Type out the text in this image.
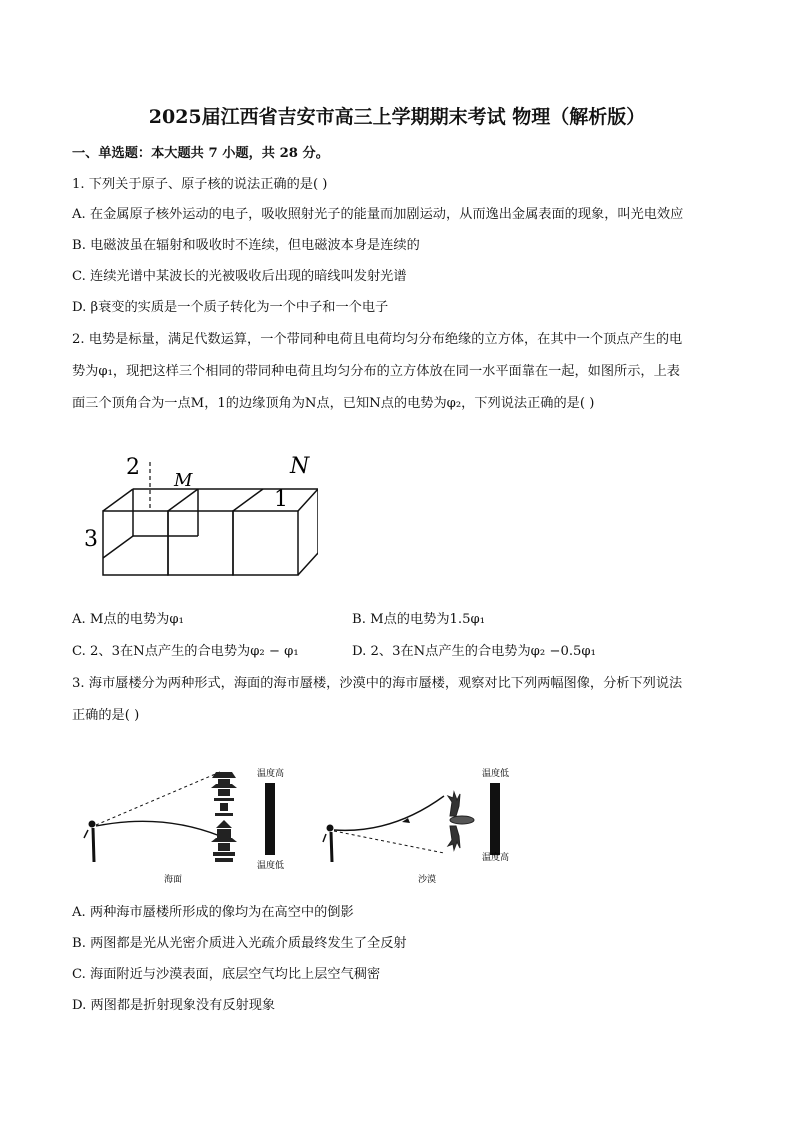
2025届江西省吉安市高三上学期期末考试 物理（解析版）
一、单选题：本大题共 7 小题，共 28 分。
1. 下列关于原子、原子核的说法正确的是( )
A. 在金属原子核外运动的电子，吸收照射光子的能量而加剧运动，从而逸出金属表面的现象，叫光电效应
B. 电磁波虽在辐射和吸收时不连续，但电磁波本身是连续的
C. 连续光谱中某波长的光被吸收后出现的暗线叫发射光谱
D. β衰变的实质是一个质子转化为一个中子和一个电子
2. 电势是标量，满足代数运算，一个带同种电荷且电荷均匀分布绝缘的立方体，在其中一个顶点产生的电
势为φ₁，现把这样三个相同的带同种电荷且均匀分布的立方体放在同一水平面靠在一起，如图所示，上表
面三个顶角合为一点M，1的边缘顶角为N点，已知N点的电势为φ₂，下列说法正确的是( )
2
M
N
1
3
A. M点的电势为φ₁	B. M点的电势为1.5φ₁
C. 2、3在N点产生的合电势为φ₂ − φ₁	D. 2、3在N点产生的合电势为φ₂ −0.5φ₁
3. 海市蜃楼分为两种形式，海面的海市蜃楼，沙漠中的海市蜃楼，观察对比下列两幅图像，分析下列说法
正确的是( )
温度高
温度低
海面
温度低
温度高
沙漠
A. 两种海市蜃楼所形成的像均为在高空中的倒影
B. 两图都是光从光密介质进入光疏介质最终发生了全反射
C. 海面附近与沙漠表面，底层空气均比上层空气稠密
D. 两图都是折射现象没有反射现象
